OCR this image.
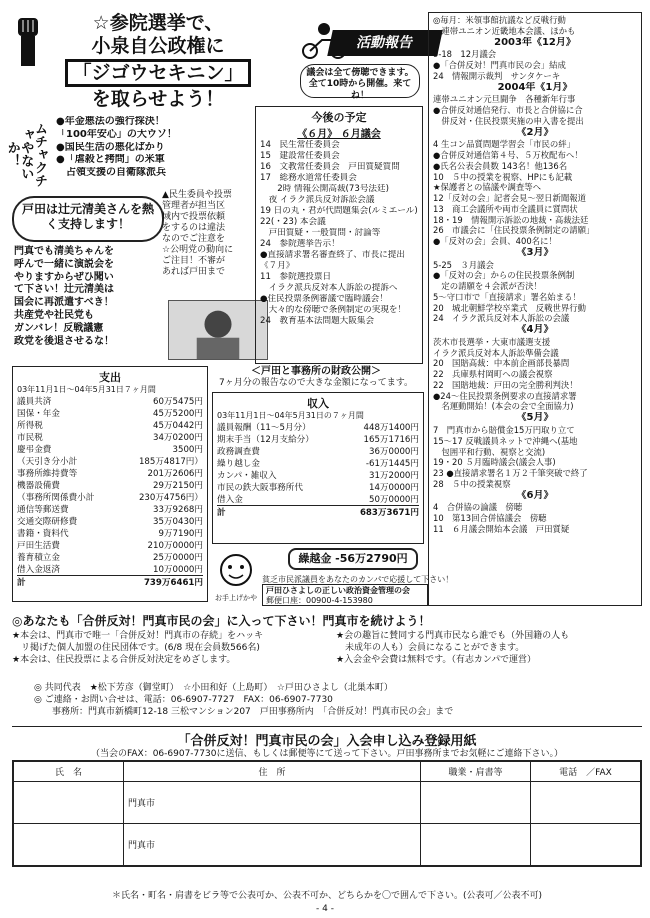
☆参院選挙で、
小泉自公政権に
「ジゴウセキニン」
を取らせよう！
活動報告
議会は全て傍聴できます。全て10時から開催。来てね！
ムチャクチャやないか！
●年金悪法の強行採決！
「100年安心」の大ウソ！
●国民生活の悪化ばかり
●「虐殺と拷問」の米軍
　占領支援の自衛隊派兵
戸田は辻元清美さんを熱く支持します！
門真でも清美ちゃんを
呼んで一緒に演説会を
やりますからぜひ聞い
て下さい！辻元清美は
国会に再派遣すべき！
共産党や社民党も
ガンバレ！反戦議憲
政党を後退させるな！
▲民生委員や投票
管理者が担当区
域内で投票依頼
をするのは違法
なのでご注意を
☆公明党の動向に
ご注目！不審が
あれば戸田まで
今後の予定
《６月》 ６月議会
14　民生常任委員会
15　建設常任委員会
16　文教常任委員会　戸田質疑質問
17　総務水道常任委員会
　　2時 情報公開高裁(73号法廷)
　夜 イラク派兵反対訴訟会議
19 日の丸・君が代問題集会(ルミエール)
22(・23) 本会議
　戸田質疑・一般質問・討論等
24　参院選挙告示！
●直接請求署名審査終了、市長に提出
《７月》
11　参院選投票日
　イラク派兵反対本人訴訟の提訴へ
●住民投票条例審議で臨時議会！
　大々的な傍聴で条例制定の実現を！
24　教育基本法問題大阪集会
◎毎月：米領事館抗議など反戦行動
　連帯ユニオン近畿地本会議、ほかも
2003年《12月》
9-18　12月議会
●「合併反対！門真市民の会」結成
24　情報開示裁判　サンタケーキ
2004年《1月》
連帯ユニオン元旦闘争　各種新年行事
●合併反対通信発行、市長と合併協に合
　併反対・住民投票実施の申入書を提出
《2月》
4 生コン品質問題学習会「市民の絆」
●合併反対通信第４号、５万枚配布へ！
●氏名公表会員数 143名！他136名
10　５中の授業を視察、HPにも記載
★保護者との協議や調査等へ
12「反対の会」記者会見～翌日新聞報道
13　商工会議所や両市全議員に質問状
18・19　情報開示訴訟の地裁・高裁法廷
26　市議会に「住民投票条例制定の請願」
●「反対の会」会員、400名に！
《3月》
5-25　３月議会
●「反対の会」からの住民投票条例制
　定の請願を４会派が否決！
5～守口市で「直接請求」署名始まる！
20　城北朝鮮学校卒業式　反戦世界行動
24　イラク派兵反対本人訴訟の会議
《4月》
茨木市長選挙・大東市議選支援
イラク派兵反対本人訴訟準備会議
20　国賠高裁：中本前企画部長暴問
22　兵庫県村岡町への議会視察
22　国賠地裁：戸田の完全勝利判決！
●24～住民投票条例要求の直接請求署
　名運動開始！(本会の会で全面協力)
《5月》
7　門真市から賠償金15万円取り立て
15～17 反戦議員ネットで沖縄へ(基地
　包囲平和行動、視察と交流)
19・20 ５月臨時議会(議会人事)
23 ●直接請求署名１万２千筆突破で終了
28　５中の授業視察
《6月》
4　合併協の論議　傍聴
10　第13回合併協議会　傍聴
11　６月議会開始本会議　戸田質疑
＜戸田と事務所の財政公開＞
7ヶ月分の報告なので大きな金額になってます。
支出
03年11月1日～04年5月31日７ヶ月間
議員共済	60万5475円
国保・年金	45万5200円
所得税	45万0442円
市民税	34万0200円
慶弔金費	3500円
（天引き分小計	185万4817円）
事務所維持費等	201万2606円
機器設備費	29万2150円
（事務所関係費小計	230万4756円）
通信等郵送費	33万9268円
交通交際研修費	35万0430円
書籍・資料代	9万7190円
戸田生活費	210万0000円
養育積立金	25万0000円
借入金返済	10万0000円
計	739万6461円
収入
03年11月1日～04年5月31日の７ヶ月間
議員報酬（11～5月分）	448万1400円
期末手当（12月支給分）	165万1716円
政務調査費	36万0000円
繰り越し金	-61万1445円
カンパ・雑収入	31万2000円
市民の鉄大阪事務所代	14万0000円
借入金	50万0000円
計	683万3671円
繰越金 -56万2790円
貧乏市民派議員をあなたのカンパで応援して下さい！
お手上げかや
戸田ひさよしの正しい政治資金管理の会
郵便口座：00900-4-153980
◎あなたも「合併反対！門真市民の会」に入って下さい！門真市を続けよう！
★本会は、門真市で唯一「合併反対！門真市の存続」をハッキ
　リ掲げた個人加盟の住民団体です。(6/8 現在会員数566名)
★本会は、住民投票による合併反対決定をめざします。
★会の趣旨に賛同する門真市民なら誰でも（外国籍の人も
　未成年の人も）会員になることができます。
★入会金や会費は無料です。（有志カンパで運営）
◎ 共同代表　★松下芳彦（御堂町）　☆小田和好（上島町）　☆戸田ひさよし（北巣本町）
◎ ご連絡・お問い合せは、電話：06-6907-7727　FAX：06-6907-7730
　　事務所：門真市新橋町12-18 三松マンション207　戸田事務所内　「合併反対！門真市民の会」まで
「合併反対！門真市民の会」入会申し込み登録用紙
（当会のFAX：06-6907-7730に送信、もしくは郵便等にて送って下さい。戸田事務所までお気軽にご連絡下さい。）
氏　名	住　所	職業・肩書等	電話　／FAX
	門真市		
	門真市		
＊氏名・町名・肩書をビラ等で公表可か、公表不可か、どちらかを〇で囲んで下さい。(公表可／公表不可)
- 4 -
